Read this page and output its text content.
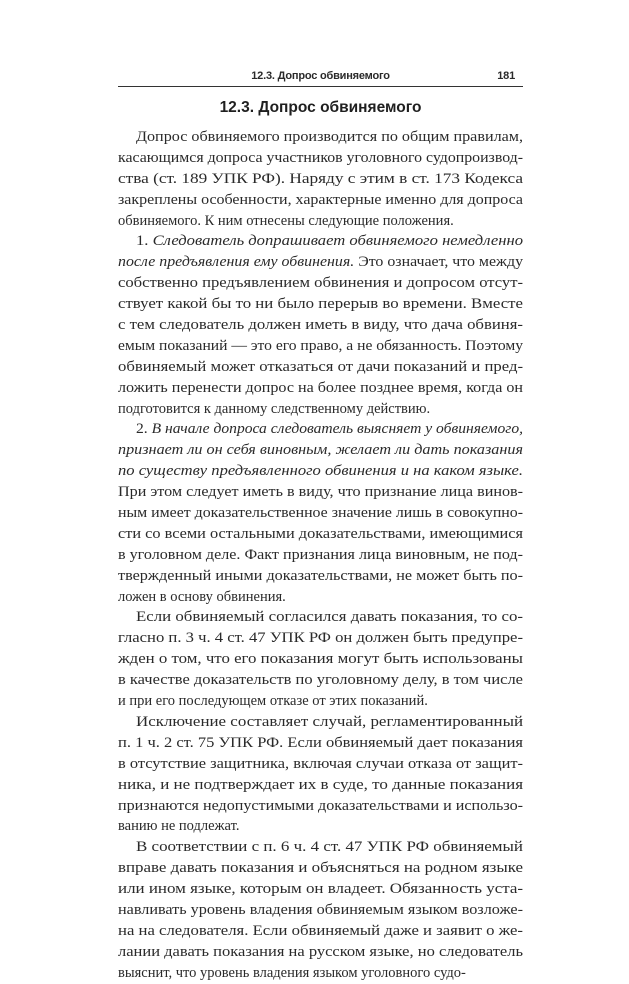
12.3. Допрос обвиняемого	181
12.3. Допрос обвиняемого
Допрос обвиняемого производится по общим правилам,
касающимся допроса участников уголовного судопроизвод-
ства (ст. 189 УПК РФ). Наряду с этим в ст. 173 Кодекса
закреплены особенности, характерные именно для допроса
обвиняемого. К ним отнесены следующие положения.
1. Следователь допрашивает обвиняемого немедленно
после предъявления ему обвинения. Это означает, что между
собственно предъявлением обвинения и допросом отсут-
ствует какой бы то ни было перерыв во времени. Вместе
с тем следователь должен иметь в виду, что дача обвиня-
емым показаний — это его право, а не обязанность. Поэтому
обвиняемый может отказаться от дачи показаний и пред-
ложить перенести допрос на более позднее время, когда он
подготовится к данному следственному действию.
2. В начале допроса следователь выясняет у обвиняемого,
признает ли он себя виновным, желает ли дать показания
по существу предъявленного обвинения и на каком языке.
При этом следует иметь в виду, что признание лица винов-
ным имеет доказательственное значение лишь в совокупно-
сти со всеми остальными доказательствами, имеющимися
в уголовном деле. Факт признания лица виновным, не под-
твержденный иными доказательствами, не может быть по-
ложен в основу обвинения.
Если обвиняемый согласился давать показания, то со-
гласно п. 3 ч. 4 ст. 47 УПК РФ он должен быть предупре-
жден о том, что его показания могут быть использованы
в качестве доказательств по уголовному делу, в том числе
и при его последующем отказе от этих показаний.
Исключение составляет случай, регламентированный
п. 1 ч. 2 ст. 75 УПК РФ. Если обвиняемый дает показания
в отсутствие защитника, включая случаи отказа от защит-
ника, и не подтверждает их в суде, то данные показания
признаются недопустимыми доказательствами и использо-
ванию не подлежат.
В соответствии с п. 6 ч. 4 ст. 47 УПК РФ обвиняемый
вправе давать показания и объясняться на родном языке
или ином языке, которым он владеет. Обязанность уста-
навливать уровень владения обвиняемым языком возложе-
на на следователя. Если обвиняемый даже и заявит о же-
лании давать показания на русском языке, но следователь
выяснит, что уровень владения языком уголовного судо-
